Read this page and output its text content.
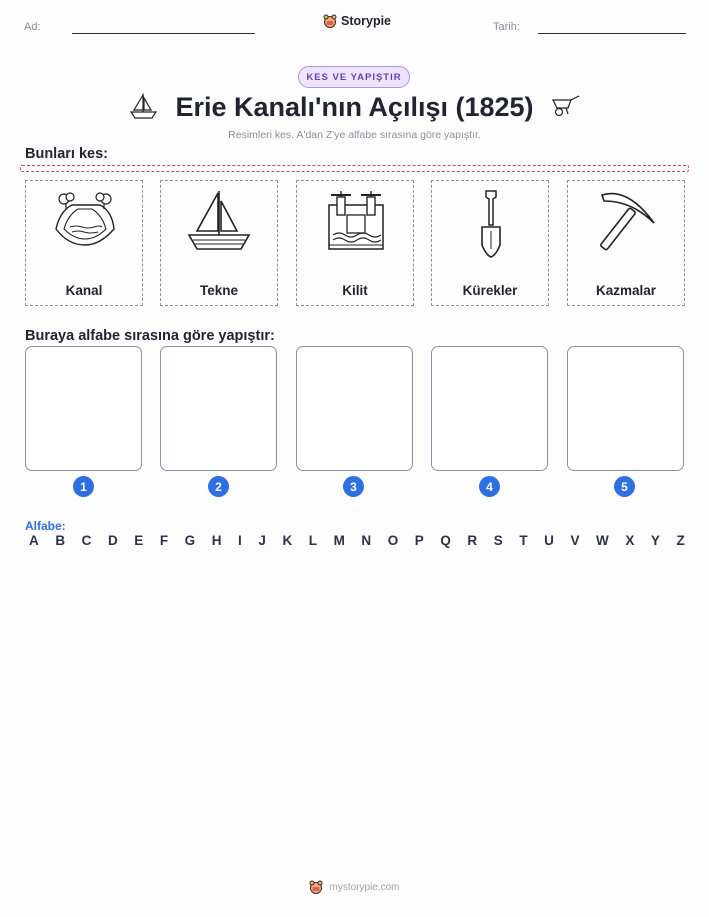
Ad:	Storypie	Tarih:
KES VE YAPIŞTIR
Erie Kanalı'nın Açılışı (1825)
Resimleri kes. A'dan Z'ye alfabe sırasına göre yapıştır.
Bunları kes:
Kanal	Tekne	Kilit	Kürekler	Kazmalar
Buraya alfabe sırasına göre yapıştır:
1	2	3	4	5
Alfabe:
A B C D E F G H I J K L M N O P Q R S T U V W X Y Z
mystorypie.com
